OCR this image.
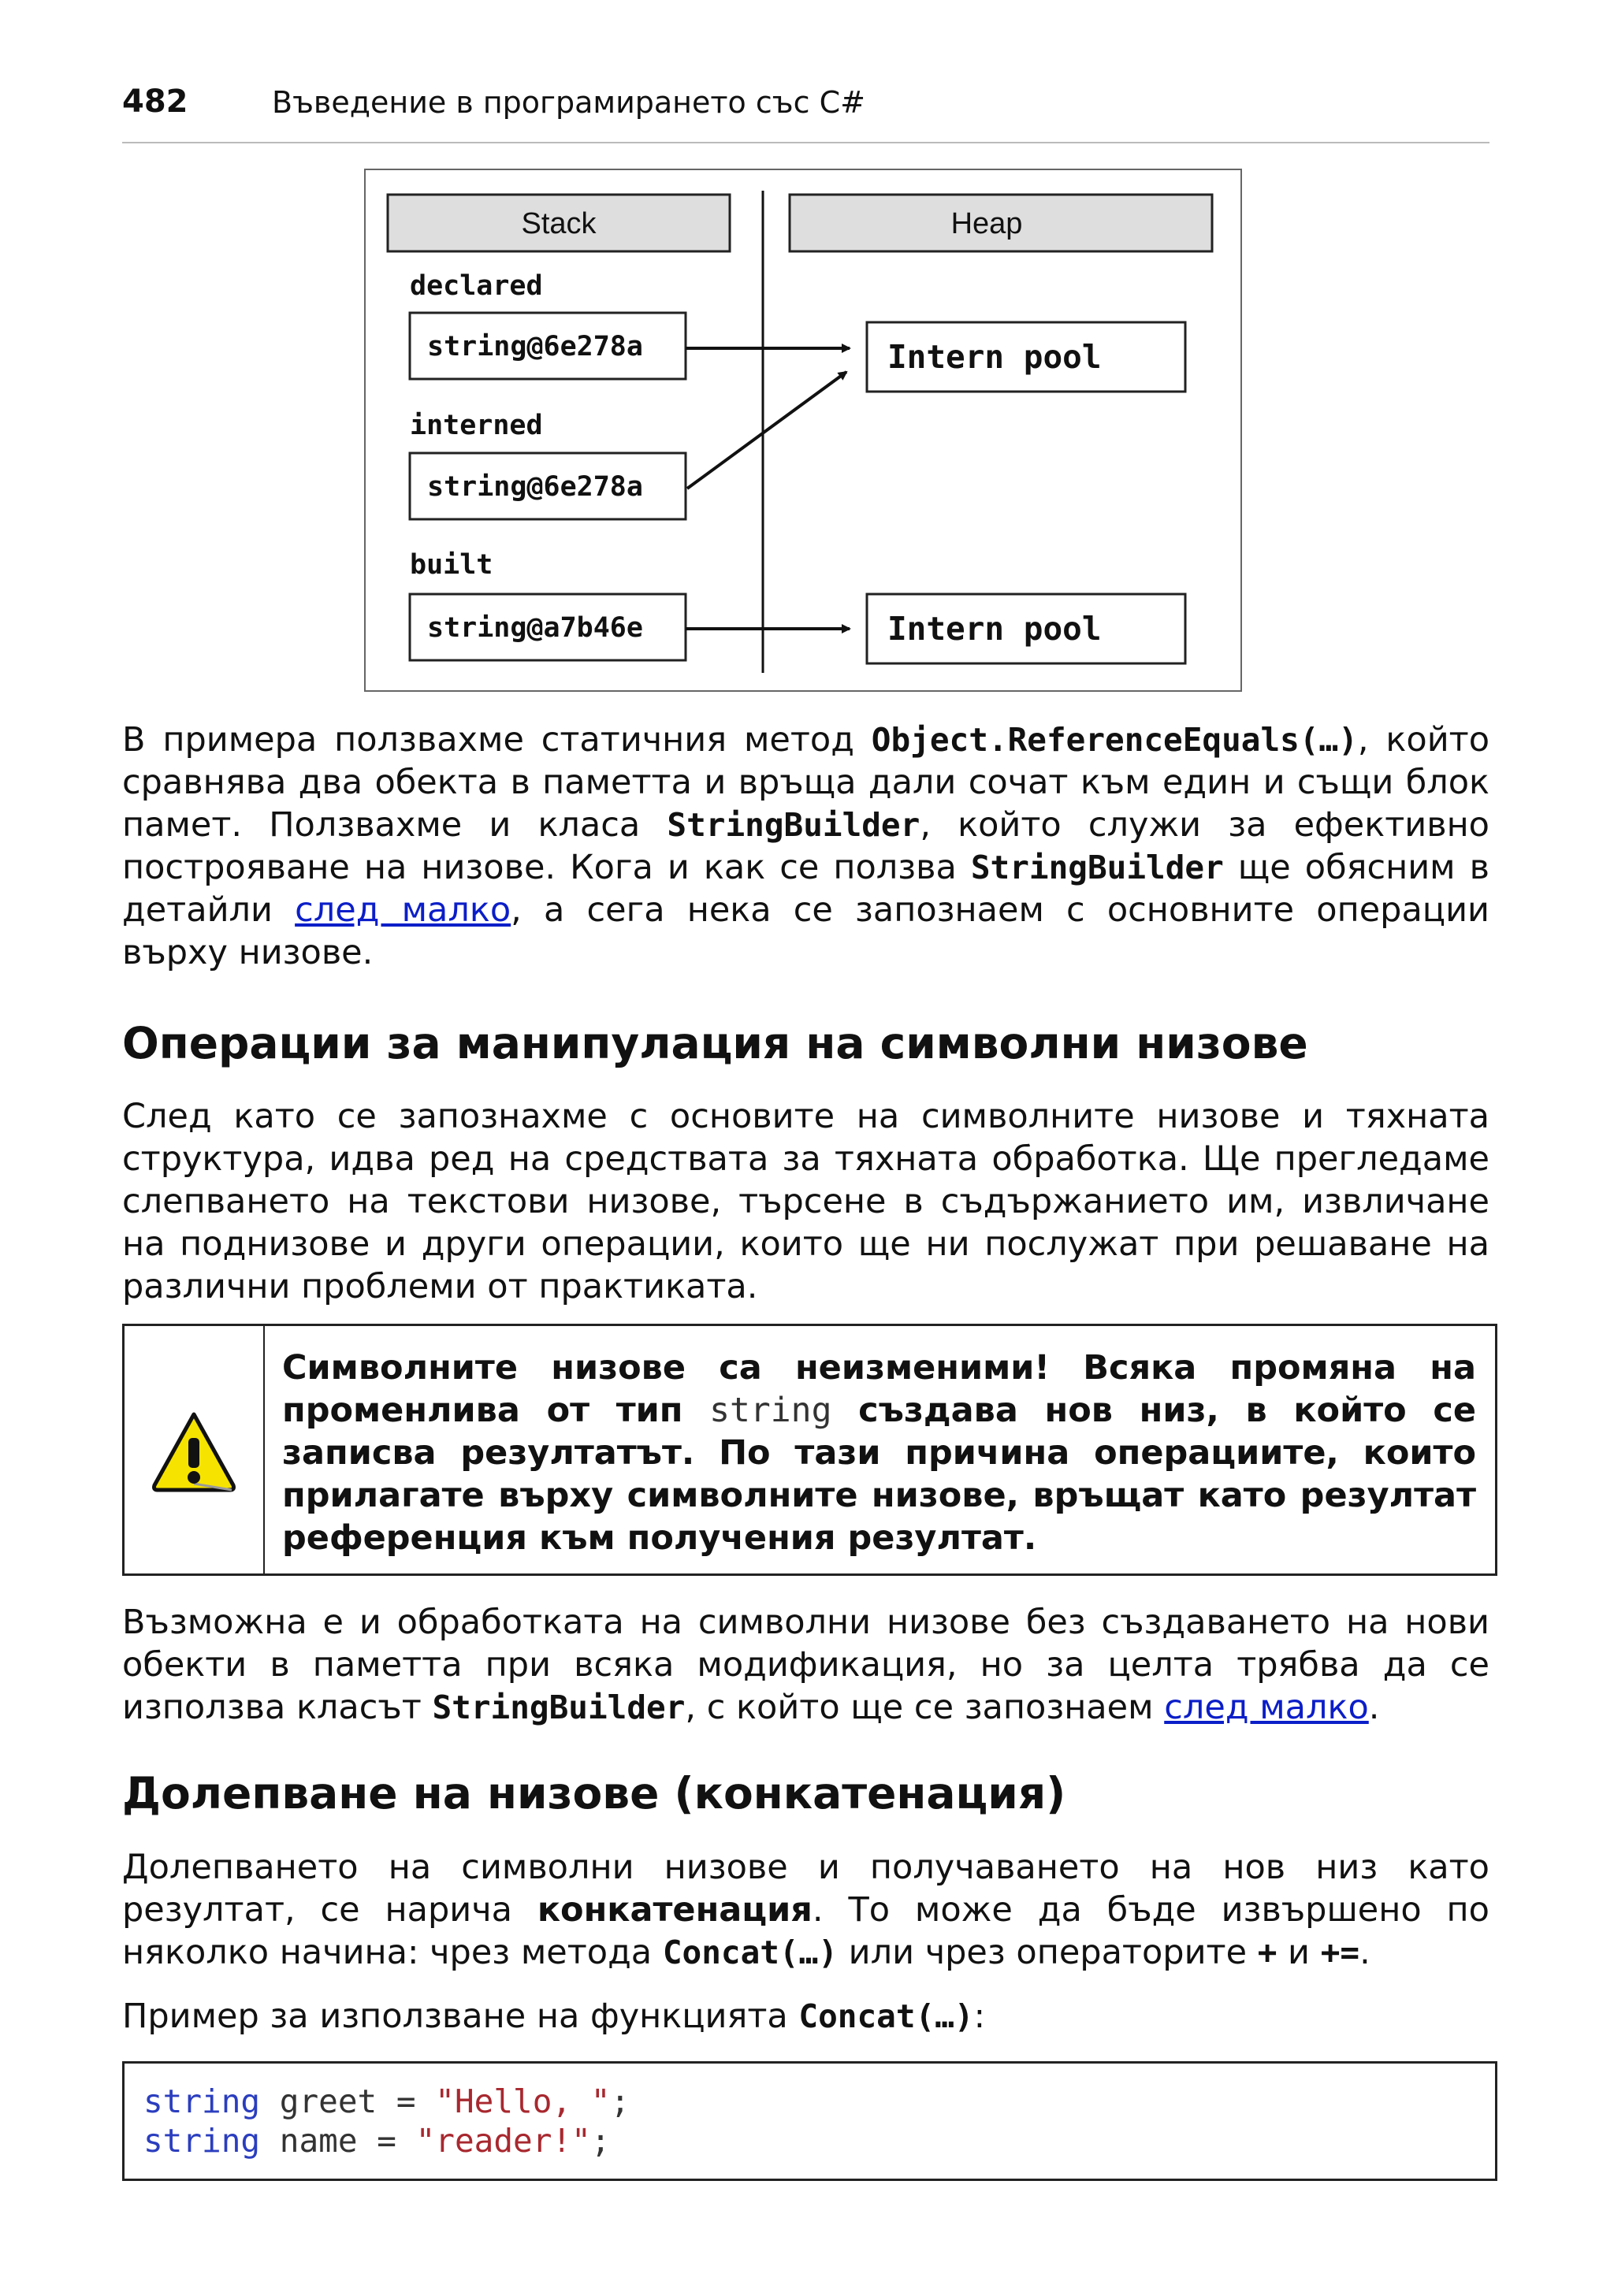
482	Въведение в програмирането със C#
Stack	Heap
declared
string@6e278a
interned
string@6e278a
built
string@a7b46e
Intern pool
Intern pool

В примера ползвахме статичния метод Object.ReferenceEquals(…), който сравнява два обекта в паметта и връща дали сочат към един и същи блок памет. Ползвахме и класа StringBuilder, който служи за ефективно построяване на низове. Кога и как се ползва StringBuilder ще обясним в детайли след малко, а сега нека се запознаем с основните операции върху низове.

Операции за манипулация на символни низове

След като се запознахме с основите на символните низове и тяхната структура, идва ред на средствата за тяхната обработка. Ще прегледаме слепването на текстови низове, търсене в съдържанието им, извличане на поднизове и други операции, които ще ни послужат при решаване на различни проблеми от практиката.

Символните низове са неизменими! Всяка промяна на променлива от тип string създава нов низ, в който се записва резултатът. По тази причина операциите, които прилагате върху символните низове, връщат като резултат референция към получения резултат.

Възможна е и обработката на символни низове без създаването на нови обекти в паметта при всяка модификация, но за целта трябва да се използва класът StringBuilder, с който ще се запознаем след малко.

Долепване на низове (конкатенация)

Долепването на символни низове и получаването на нов низ като резултат, се нарича конкатенация. То може да бъде извършено по няколко начина: чрез метода Concat(…) или чрез операторите + и +=.

Пример за използване на функцията Concat(…):

string greet = "Hello, ";
string name = "reader!";
